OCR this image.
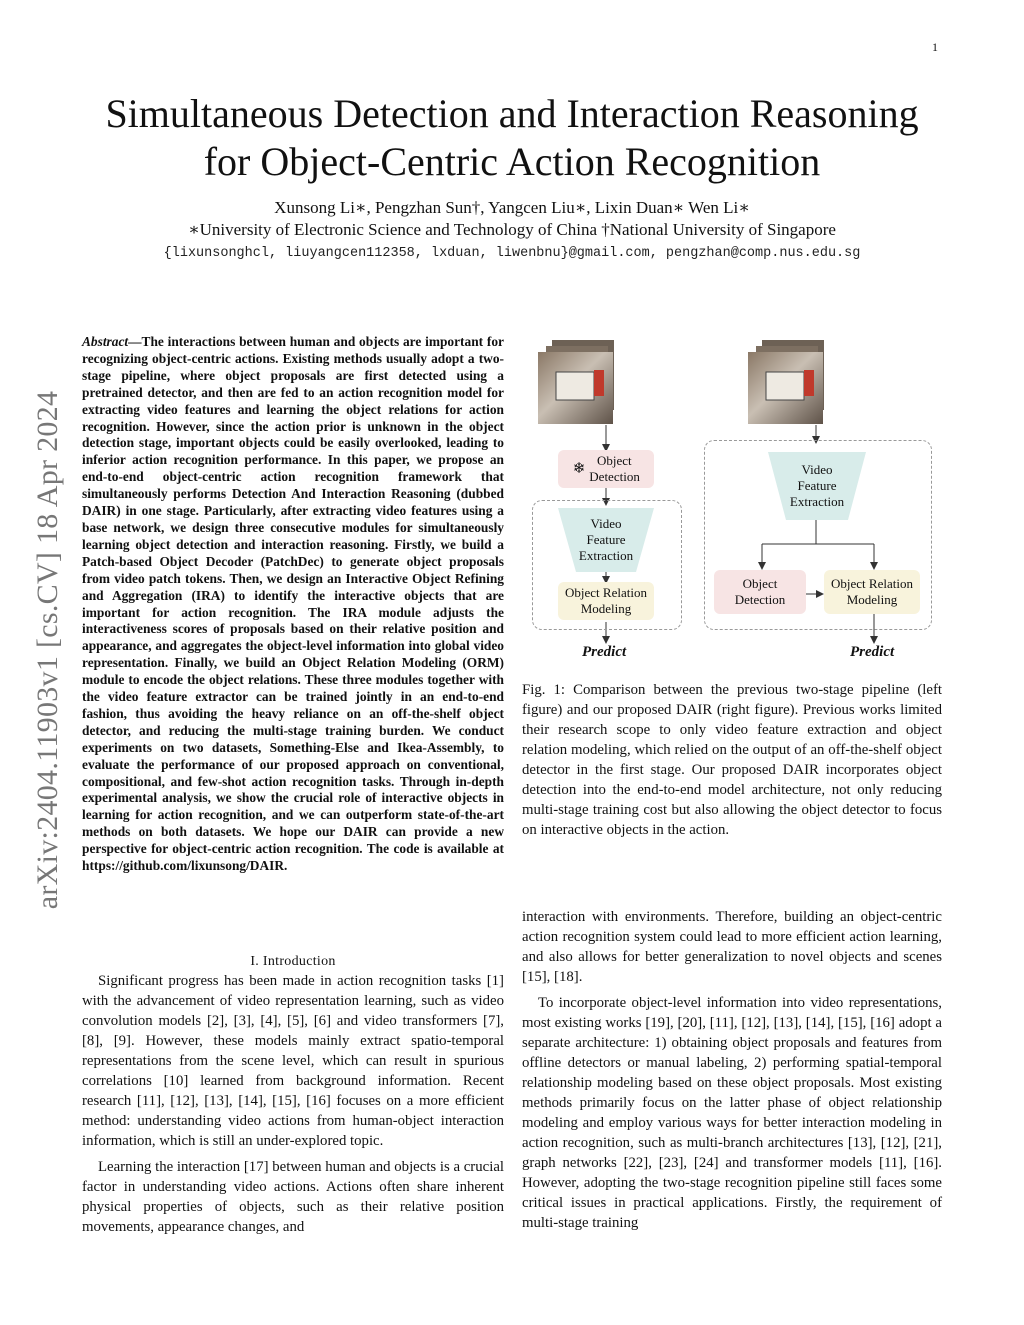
1
arXiv:2404.11903v1 [cs.CV] 18 Apr 2024
Simultaneous Detection and Interaction Reasoning
for Object-Centric Action Recognition
Xunsong Li∗, Pengzhan Sun†, Yangcen Liu∗, Lixin Duan∗ Wen Li∗
∗University of Electronic Science and Technology of China †National University of Singapore
{lixunsonghcl, liuyangcen112358, lxduan, liwenbnu}@gmail.com, pengzhan@comp.nus.edu.sg
Abstract—The interactions between human and objects are important for recognizing object-centric actions. Existing methods usually adopt a two-stage pipeline, where object proposals are first detected using a pretrained detector, and then are fed to an action recognition model for extracting video features and learning the object relations for action recognition. However, since the action prior is unknown in the object detection stage, important objects could be easily overlooked, leading to inferior action recognition performance. In this paper, we propose an end-to-end object-centric action recognition framework that simultaneously performs Detection And Interaction Reasoning (dubbed DAIR) in one stage. Particularly, after extracting video features using a base network, we design three consecutive modules for simultaneously learning object detection and interaction reasoning. Firstly, we build a Patch-based Object Decoder (PatchDec) to generate object proposals from video patch tokens. Then, we design an Interactive Object Refining and Aggregation (IRA) to identify the interactive objects that are important for action recognition. The IRA module adjusts the interactiveness scores of proposals based on their relative position and appearance, and aggregates the object-level information into global video representation. Finally, we build an Object Relation Modeling (ORM) module to encode the object relations. These three modules together with the video feature extractor can be trained jointly in an end-to-end fashion, thus avoiding the heavy reliance on an off-the-shelf object detector, and reducing the multi-stage training burden. We conduct experiments on two datasets, Something-Else and Ikea-Assembly, to evaluate the performance of our proposed approach on conventional, compositional, and few-shot action recognition tasks. Through in-depth experimental analysis, we show the crucial role of interactive objects in learning for action recognition, and we can outperform state-of-the-art methods on both datasets. We hope our DAIR can provide a new perspective for object-centric action recognition. The code is available at https://github.com/lixunsong/DAIR.
I. Introduction

Significant progress has been made in action recognition tasks [1] with the advancement of video representation learning, such as video convolution models [2], [3], [4], [5], [6] and video transformers [7], [8], [9]. However, these models mainly extract spatio-temporal representations from the scene level, which can result in spurious correlations [10] learned from background information. Recent research [11], [12], [13], [14], [15], [16] focuses on a more efficient method: understanding video actions from human-object interaction information, which is still an under-explored topic.

Learning the interaction [17] between human and objects is a crucial factor in understanding video actions. Actions often share inherent physical properties of objects, such as their relative position movements, appearance changes, and

interaction with environments. Therefore, building an object-centric action recognition system could lead to more efficient action learning, and also allows for better generalization to novel objects and scenes [15], [18].

To incorporate object-level information into video representations, most existing works [19], [20], [11], [12], [13], [14], [15], [16] adopt a separate architecture: 1) obtaining object proposals and features from offline detectors or manual labeling, 2) performing spatial-temporal relationship modeling based on these object proposals. Most existing methods primarily focus on the latter phase of object relationship modeling and employ various ways for better interaction modeling in action recognition, such as multi-branch architectures [13], [12], [21], graph networks [22], [23], [24] and transformer models [11], [16]. However, adopting the two-stage recognition pipeline still faces some critical issues in practical applications. Firstly, the requirement of multi-stage training

❄
Object Detection
Video Feature Extraction
Object Relation Modeling
Predict
Video Feature Extraction
Object Detection
Object Relation Modeling
Predict
Fig. 1: Comparison between the previous two-stage pipeline (left figure) and our proposed DAIR (right figure). Previous works limited their research scope to only video feature extraction and object relation modeling, which relied on the output of an off-the-shelf object detector in the first stage. Our proposed DAIR incorporates object detection into the end-to-end model architecture, not only reducing multi-stage training cost but also allowing the object detector to focus on interactive objects in the action.
